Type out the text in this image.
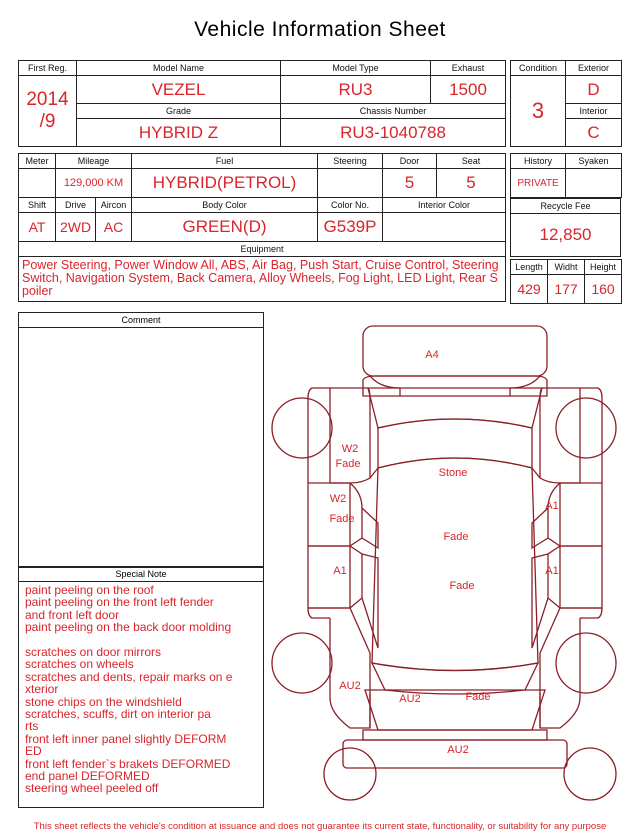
Vehicle Information Sheet
First Reg.	Model Name	Model Type	Exhaust

2014
/9	VEZEL	RU3	1500
	Grade	Chassis Number	
	HYBRID Z	RU3-1040788	
Condition	Exterior
3	D
	Interior
	C
Meter	Mileage		Fuel	Steering	Door	Seat
	129,000 KM		HYBRID(PETROL)		5	5
Shift	Drive	Aircon	Body Color	Color No.	Interior Color	
AT	2WD	AC	GREEN(D)	G539P		
Equipment						
Power Steering, Power Window All, ABS, Air Bag, Push Start, Cruise Control, Steering Switch, Navigation System, Back Camera, Alloy Wheels, Fog Light, LED Light, Rear Spoiler						
History	Syaken
PRIVATE	
Recycle Fee
12,850
Length	Widht	Height
429	177	160
Comment
Special Note
paint peeling on the roof
paint peeling on the front left fender
and front left door
paint peeling on the back door molding
scratches on door mirrors
scratches on wheels
scratches and dents, repair marks on e
xterior
stone chips on the windshield
scratches, scuffs, dirt on interior pa
rts
front left inner panel slightly DEFORM
ED
front left fender`s brakets DEFORMED
end panel DEFORMED
steering wheel peeled off
A4
W2
Fade
W2
Fade
Stone
Fade
Fade
A1
A1
A1
AU2
AU2	Fade
AU2
This sheet reflects the vehicle's condition at issuance and does not guarantee its current state, functionality, or suitability for any purpose
